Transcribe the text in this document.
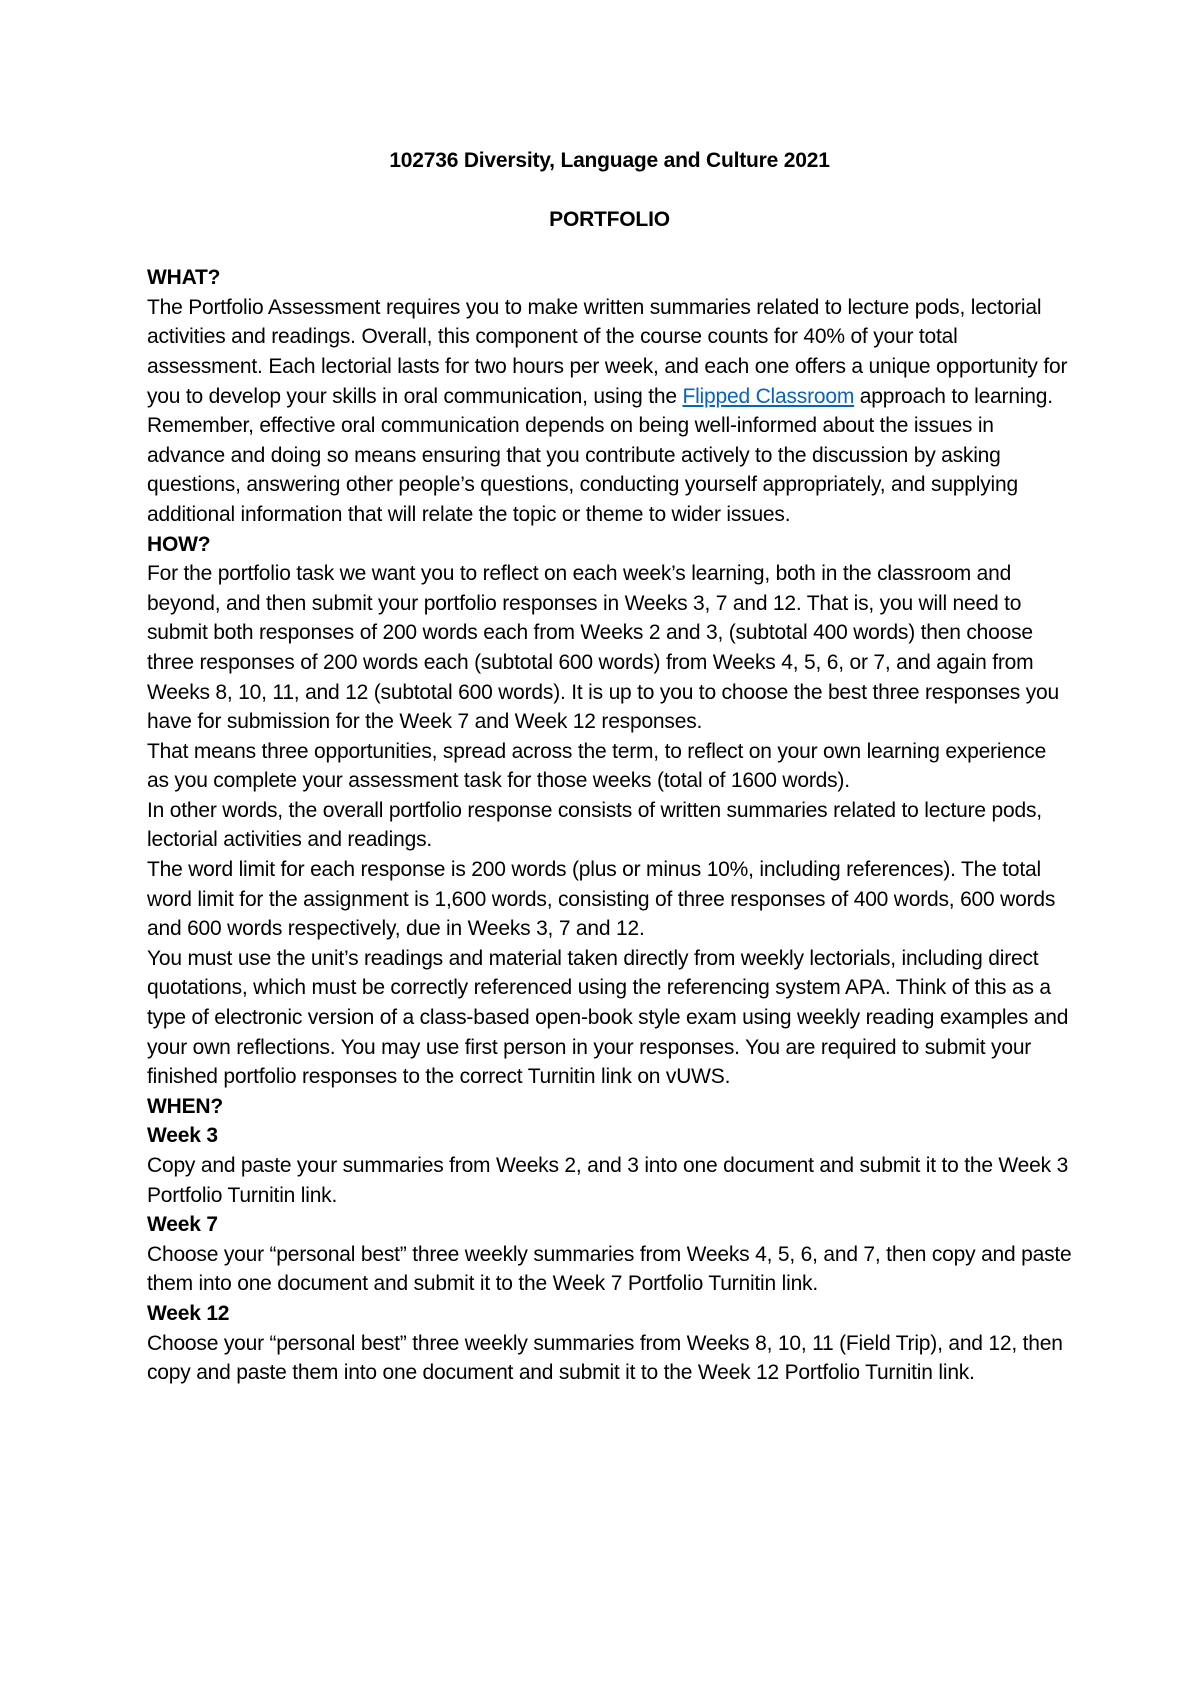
102736 Diversity, Language and Culture 2021

PORTFOLIO

WHAT?

The Portfolio Assessment requires you to make written summaries related to lecture pods, lectorial activities and readings. Overall, this component of the course counts for 40% of your total assessment. Each lectorial lasts for two hours per week, and each one offers a unique opportunity for you to develop your skills in oral communication, using the Flipped Classroom approach to learning.

Remember, effective oral communication depends on being well-informed about the issues in advance and doing so means ensuring that you contribute actively to the discussion by asking questions, answering other people’s questions, conducting yourself appropriately, and supplying additional information that will relate the topic or theme to wider issues.

HOW?

For the portfolio task we want you to reflect on each week’s learning, both in the classroom and beyond, and then submit your portfolio responses in Weeks 3, 7 and 12. That is, you will need to submit both responses of 200 words each from Weeks 2 and 3, (subtotal 400 words) then choose three responses of 200 words each (subtotal 600 words) from Weeks 4, 5, 6, or 7, and again from Weeks 8, 10, 11, and 12 (subtotal 600 words). It is up to you to choose the best three responses you have for submission for the Week 7 and Week 12 responses.

That means three opportunities, spread across the term, to reflect on your own learning experience as you complete your assessment task for those weeks (total of 1600 words).

In other words, the overall portfolio response consists of written summaries related to lecture pods, lectorial activities and readings.

The word limit for each response is 200 words (plus or minus 10%, including references). The total word limit for the assignment is 1,600 words, consisting of three responses of 400 words, 600 words and 600 words respectively, due in Weeks 3, 7 and 12.

You must use the unit’s readings and material taken directly from weekly lectorials, including direct quotations, which must be correctly referenced using the referencing system APA. Think of this as a type of electronic version of a class-based open-book style exam using weekly reading examples and your own reflections. You may use first person in your responses. You are required to submit your finished portfolio responses to the correct Turnitin link on vUWS.

WHEN?

Week 3

Copy and paste your summaries from Weeks 2, and 3 into one document and submit it to the Week 3 Portfolio Turnitin link.

Week 7

Choose your “personal best” three weekly summaries from Weeks 4, 5, 6, and 7, then copy and paste them into one document and submit it to the Week 7 Portfolio Turnitin link.

Week 12

Choose your “personal best” three weekly summaries from Weeks 8, 10, 11 (Field Trip), and 12, then copy and paste them into one document and submit it to the Week 12 Portfolio Turnitin link.
